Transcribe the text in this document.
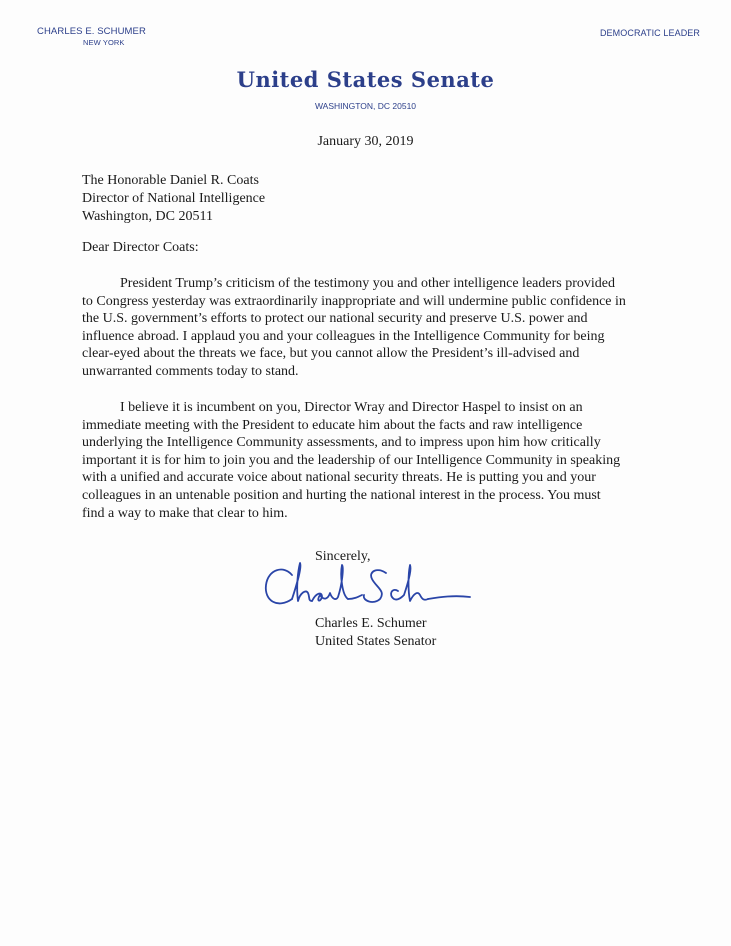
CHARLES E. SCHUMER
NEW YORK
DEMOCRATIC LEADER
United States Senate
WASHINGTON, DC 20510
January 30, 2019
The Honorable Daniel R. Coats
Director of National Intelligence
Washington, DC 20511
Dear Director Coats:
President Trump’s criticism of the testimony you and other intelligence leaders provided
to Congress yesterday was extraordinarily inappropriate and will undermine public confidence in
the U.S. government’s efforts to protect our national security and preserve U.S. power and
influence abroad. I applaud you and your colleagues in the Intelligence Community for being
clear-eyed about the threats we face, but you cannot allow the President’s ill-advised and
unwarranted comments today to stand.
I believe it is incumbent on you, Director Wray and Director Haspel to insist on an
immediate meeting with the President to educate him about the facts and raw intelligence
underlying the Intelligence Community assessments, and to impress upon him how critically
important it is for him to join you and the leadership of our Intelligence Community in speaking
with a unified and accurate voice about national security threats. He is putting you and your
colleagues in an untenable position and hurting the national interest in the process. You must
find a way to make that clear to him.
Sincerely,
Charles E. Schumer
United States Senator
